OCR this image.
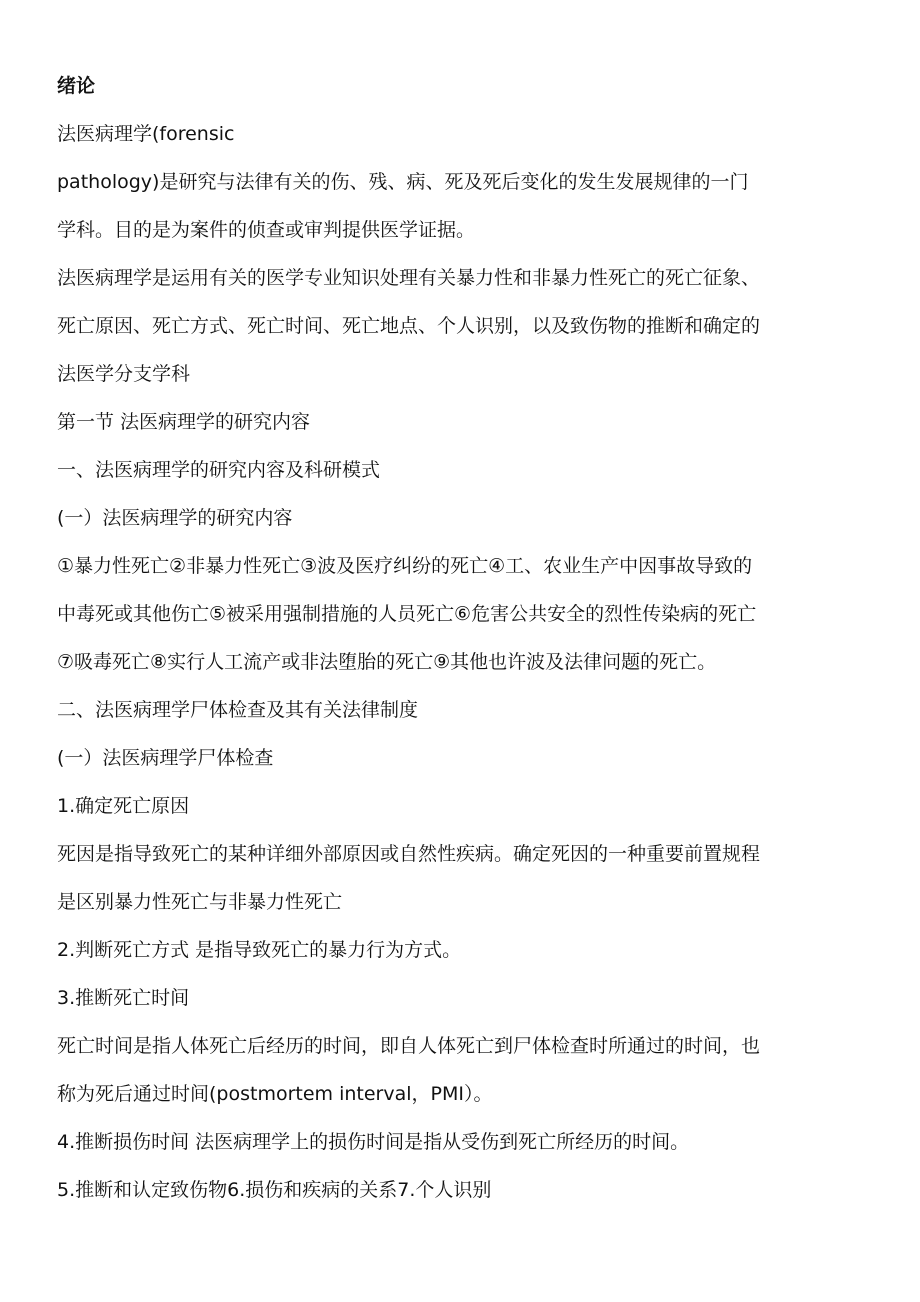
绪论
法医病理学(forensic
pathology)是研究与法律有关的伤、残、病、死及死后变化的发生发展规律的一门
学科。目的是为案件的侦查或审判提供医学证据。
法医病理学是运用有关的医学专业知识处理有关暴力性和非暴力性死亡的死亡征象、
死亡原因、死亡方式、死亡时间、死亡地点、个人识别，以及致伤物的推断和确定的
法医学分支学科
第一节 法医病理学的研究内容
一、法医病理学的研究内容及科研模式
(一）法医病理学的研究内容
①暴力性死亡②非暴力性死亡③波及医疗纠纷的死亡④工、农业生产中因事故导致的
中毒死或其他伤亡⑤被采用强制措施的人员死亡⑥危害公共安全的烈性传染病的死亡
⑦吸毒死亡⑧实行人工流产或非法堕胎的死亡⑨其他也许波及法律问题的死亡。
二、法医病理学尸体检查及其有关法律制度
(一）法医病理学尸体检查
1.确定死亡原因
死因是指导致死亡的某种详细外部原因或自然性疾病。确定死因的一种重要前置规程
是区别暴力性死亡与非暴力性死亡
2.判断死亡方式 是指导致死亡的暴力行为方式。
3.推断死亡时间
死亡时间是指人体死亡后经历的时间，即自人体死亡到尸体检查时所通过的时间，也
称为死后通过时间(postmortem interval，PMI）。
4.推断损伤时间 法医病理学上的损伤时间是指从受伤到死亡所经历的时间。
5.推断和认定致伤物6.损伤和疾病的关系7.个人识别
